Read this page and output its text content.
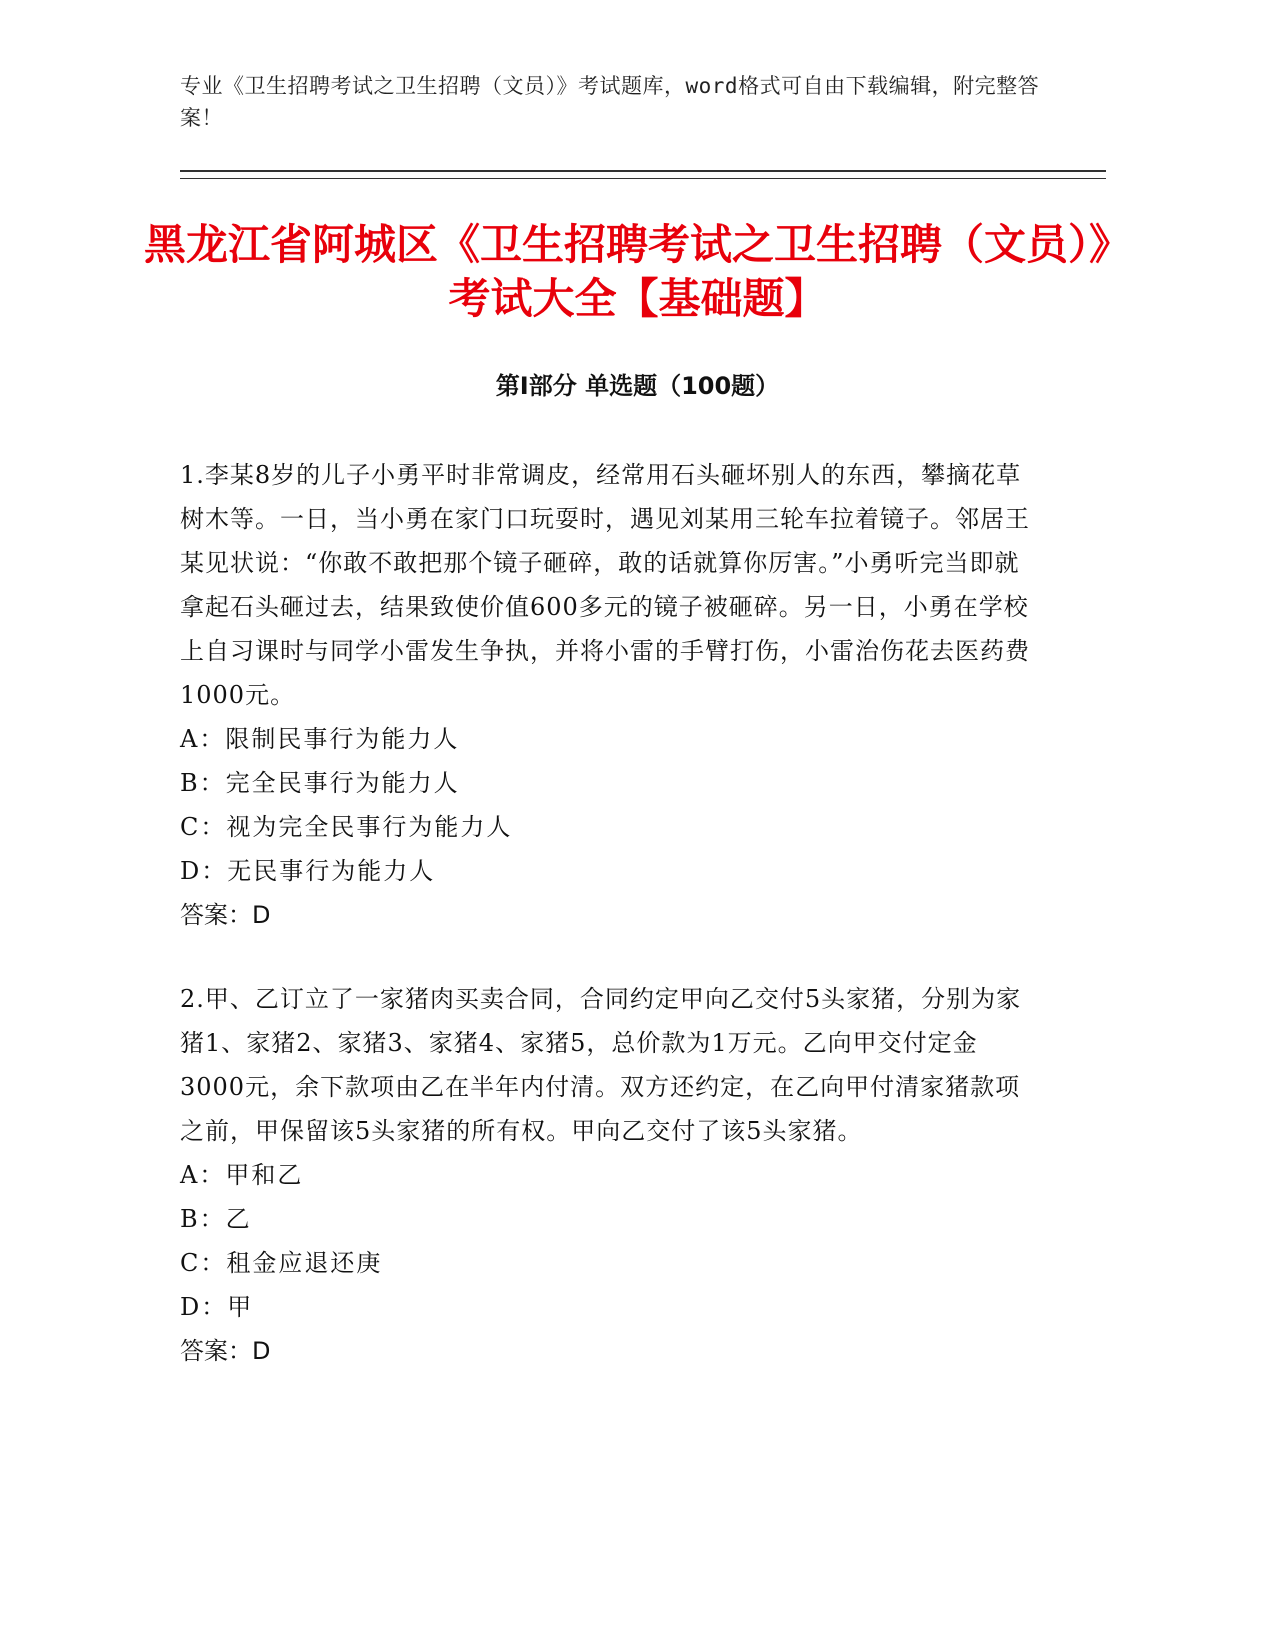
专业《卫生招聘考试之卫生招聘（文员）》考试题库，word格式可自由下载编辑，附完整答案！
黑龙江省阿城区《卫生招聘考试之卫生招聘（文员）》考试大全【基础题】
第Ⅰ部分 单选题（100题）

1.李某8岁的儿子小勇平时非常调皮，经常用石头砸坏别人的东西，攀摘花草树木等。一日，当小勇在家门口玩耍时，遇见刘某用三轮车拉着镜子。邻居王某见状说：“你敢不敢把那个镜子砸碎，敢的话就算你厉害。”小勇听完当即就拿起石头砸过去，结果致使价值600多元的镜子被砸碎。另一日，小勇在学校上自习课时与同学小雷发生争执，并将小雷的手臂打伤，小雷治伤花去医药费1000元。

A：限制民事行为能力人

B：完全民事行为能力人

C：视为完全民事行为能力人

D：无民事行为能力人

答案：D

2.甲、乙订立了一家猪肉买卖合同，合同约定甲向乙交付5头家猪，分别为家猪1、家猪2、家猪3、家猪4、家猪5，总价款为1万元。乙向甲交付定金3000元，余下款项由乙在半年内付清。双方还约定，在乙向甲付清家猪款项之前，甲保留该5头家猪的所有权。甲向乙交付了该5头家猪。

A：甲和乙

B：乙

C：租金应退还庚

D：甲

答案：D
